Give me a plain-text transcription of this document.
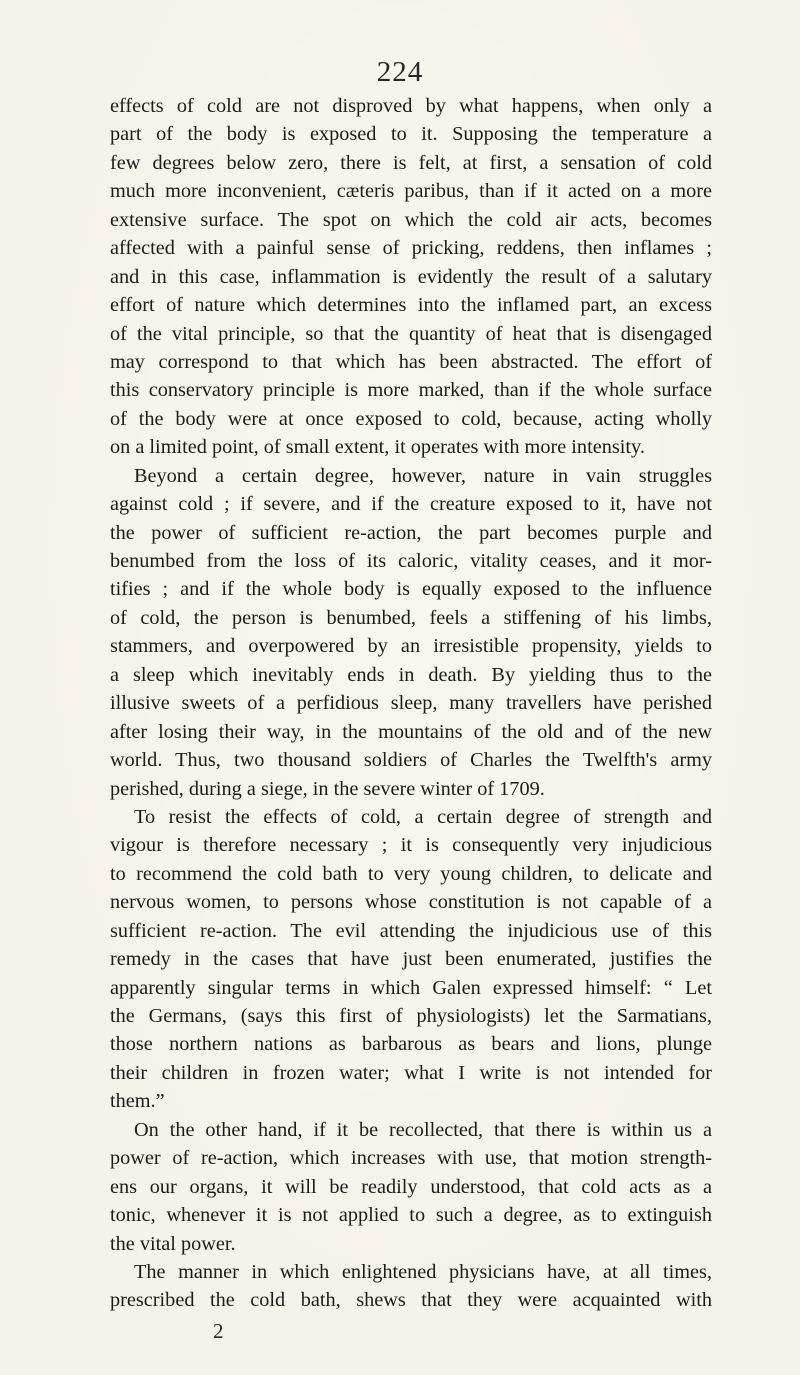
224
effects of cold are not disproved by what happens, when only a
part of the body is exposed to it. Supposing the temperature a
few degrees below zero, there is felt, at first, a sensation of cold
much more inconvenient, cæteris paribus, than if it acted on a more
extensive surface. The spot on which the cold air acts, becomes
affected with a painful sense of pricking, reddens, then inflames ;
and in this case, inflammation is evidently the result of a salutary
effort of nature which determines into the inflamed part, an excess
of the vital principle, so that the quantity of heat that is disengaged
may correspond to that which has been abstracted. The effort of
this conservatory principle is more marked, than if the whole surface
of the body were at once exposed to cold, because, acting wholly
on a limited point, of small extent, it operates with more intensity.
Beyond a certain degree, however, nature in vain struggles
against cold ; if severe, and if the creature exposed to it, have not
the power of sufficient re-action, the part becomes purple and
benumbed from the loss of its caloric, vitality ceases, and it mor-
tifies ; and if the whole body is equally exposed to the influence
of cold, the person is benumbed, feels a stiffening of his limbs,
stammers, and overpowered by an irresistible propensity, yields to
a sleep which inevitably ends in death. By yielding thus to the
illusive sweets of a perfidious sleep, many travellers have perished
after losing their way, in the mountains of the old and of the new
world. Thus, two thousand soldiers of Charles the Twelfth's army
perished, during a siege, in the severe winter of 1709.
To resist the effects of cold, a certain degree of strength and
vigour is therefore necessary ; it is consequently very injudicious
to recommend the cold bath to very young children, to delicate and
nervous women, to persons whose constitution is not capable of a
sufficient re-action. The evil attending the injudicious use of this
remedy in the cases that have just been enumerated, justifies the
apparently singular terms in which Galen expressed himself: “ Let
the Germans, (says this first of physiologists) let the Sarmatians,
those northern nations as barbarous as bears and lions, plunge
their children in frozen water; what I write is not intended for
them.”
On the other hand, if it be recollected, that there is within us a
power of re-action, which increases with use, that motion strength-
ens our organs, it will be readily understood, that cold acts as a
tonic, whenever it is not applied to such a degree, as to extinguish
the vital power.
The manner in which enlightened physicians have, at all times,
prescribed the cold bath, shews that they were acquainted with
2
